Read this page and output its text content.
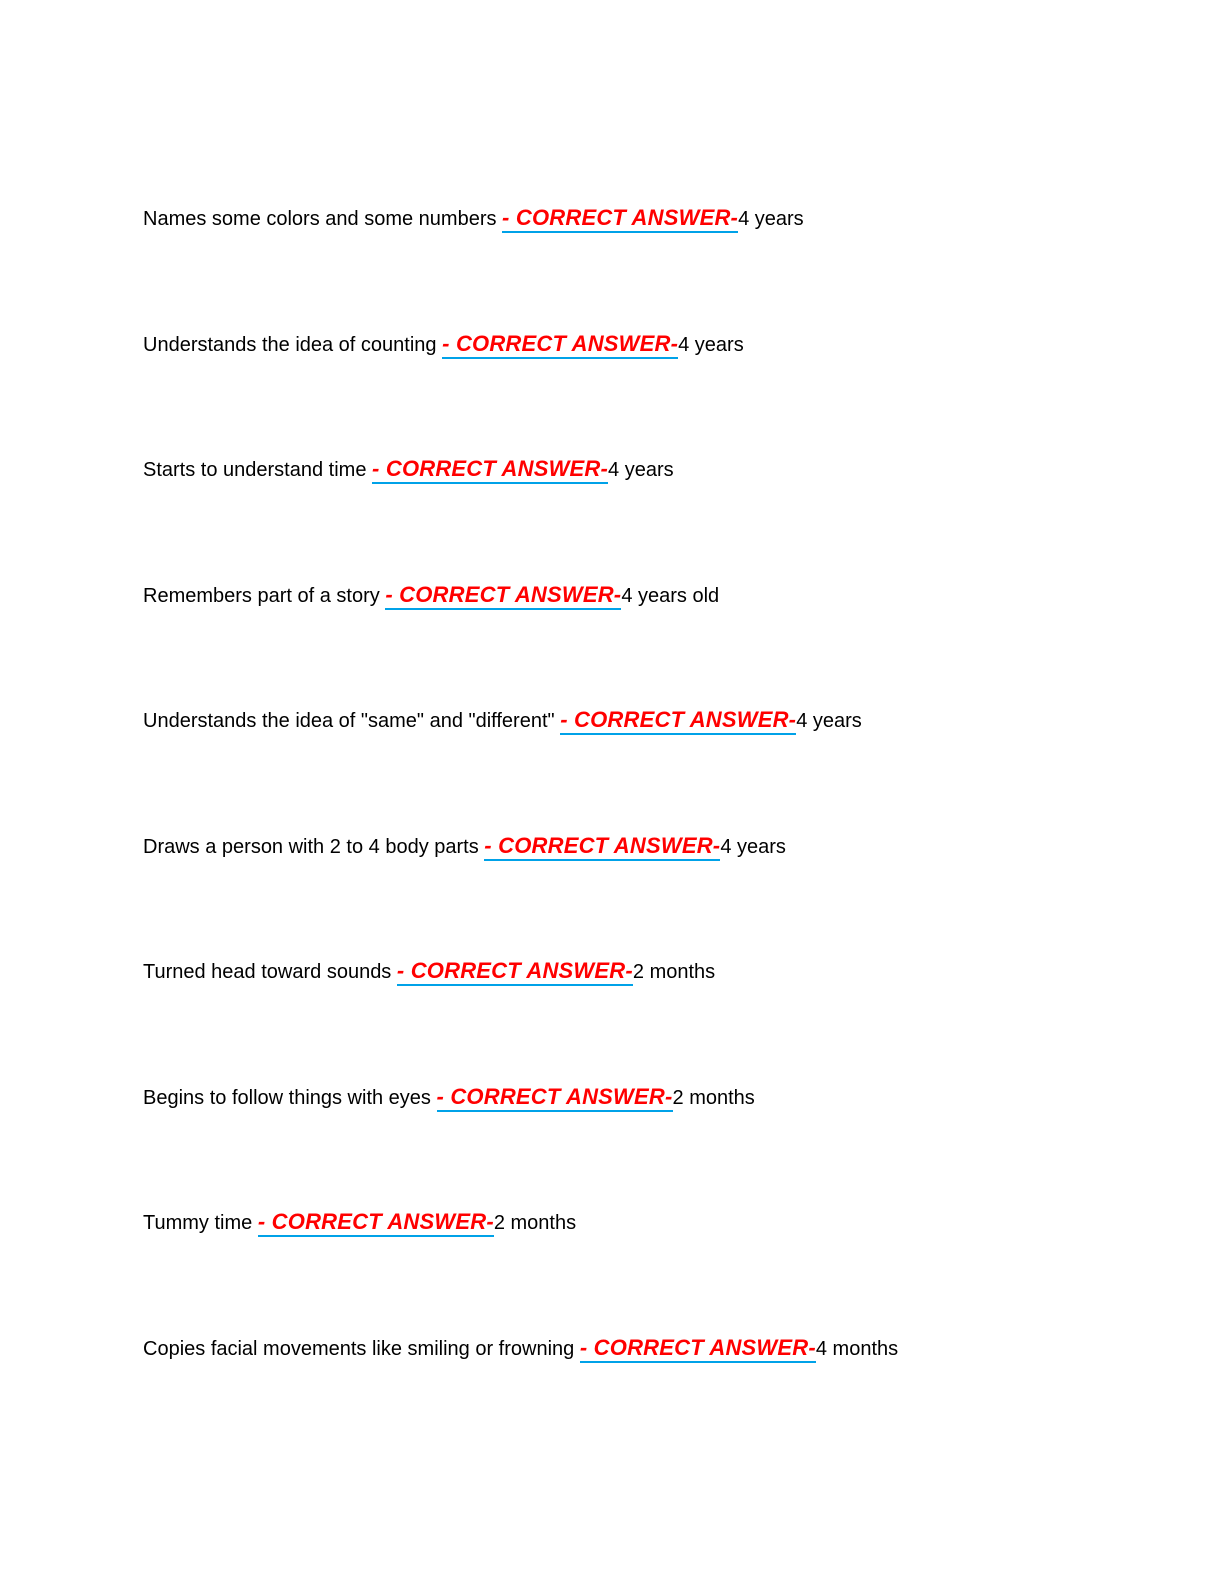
Names some colors and some numbers - CORRECT ANSWER-4 years
Understands the idea of counting - CORRECT ANSWER-4 years
Starts to understand time - CORRECT ANSWER-4 years
Remembers part of a story - CORRECT ANSWER-4 years old
Understands the idea of "same" and "different" - CORRECT ANSWER-4 years
Draws a person with 2 to 4 body parts - CORRECT ANSWER-4 years
Turned head toward sounds - CORRECT ANSWER-2 months
Begins to follow things with eyes - CORRECT ANSWER-2 months
Tummy time - CORRECT ANSWER-2 months
Copies facial movements like smiling or frowning - CORRECT ANSWER-4 months
